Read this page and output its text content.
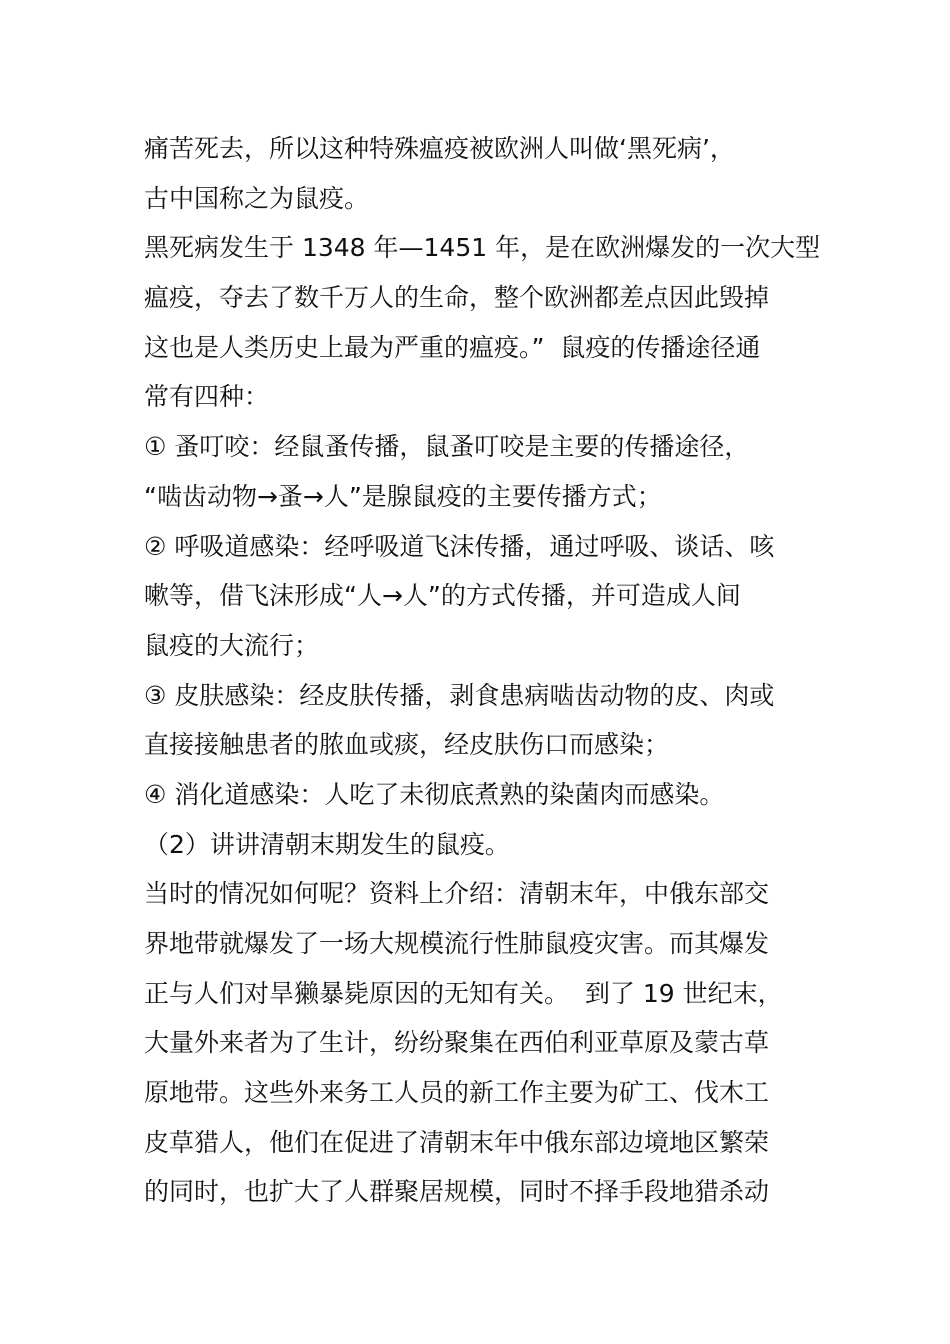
痛苦死去，所以这种特殊瘟疫被欧洲人叫做‘黑死病’，
古中国称之为鼠疫。
黑死病发生于 1348 年—1451 年，是在欧洲爆发的一次大型
瘟疫，夺去了数千万人的生命，整个欧洲都差点因此毁掉
这也是人类历史上最为严重的瘟疫。”  鼠疫的传播途径通
常有四种：
① 蚤叮咬：经鼠蚤传播，鼠蚤叮咬是主要的传播途径，
“啮齿动物→蚤→人”是腺鼠疫的主要传播方式；
② 呼吸道感染：经呼吸道飞沫传播，通过呼吸、谈话、咳
嗽等，借飞沫形成“人→人”的方式传播，并可造成人间
鼠疫的大流行；
③ 皮肤感染：经皮肤传播，剥食患病啮齿动物的皮、肉或
直接接触患者的脓血或痰，经皮肤伤口而感染；
④ 消化道感染：人吃了未彻底煮熟的染菌肉而感染。
（2）讲讲清朝末期发生的鼠疫。
当时的情况如何呢？资料上介绍：清朝末年，中俄东部交
界地带就爆发了一场大规模流行性肺鼠疫灾害。而其爆发
正与人们对旱獭暴毙原因的无知有关。  到了 19 世纪末，
大量外来者为了生计，纷纷聚集在西伯利亚草原及蒙古草
原地带。这些外来务工人员的新工作主要为矿工、伐木工
皮草猎人，他们在促进了清朝末年中俄东部边境地区繁荣
的同时，也扩大了人群聚居规模，同时不择手段地猎杀动
